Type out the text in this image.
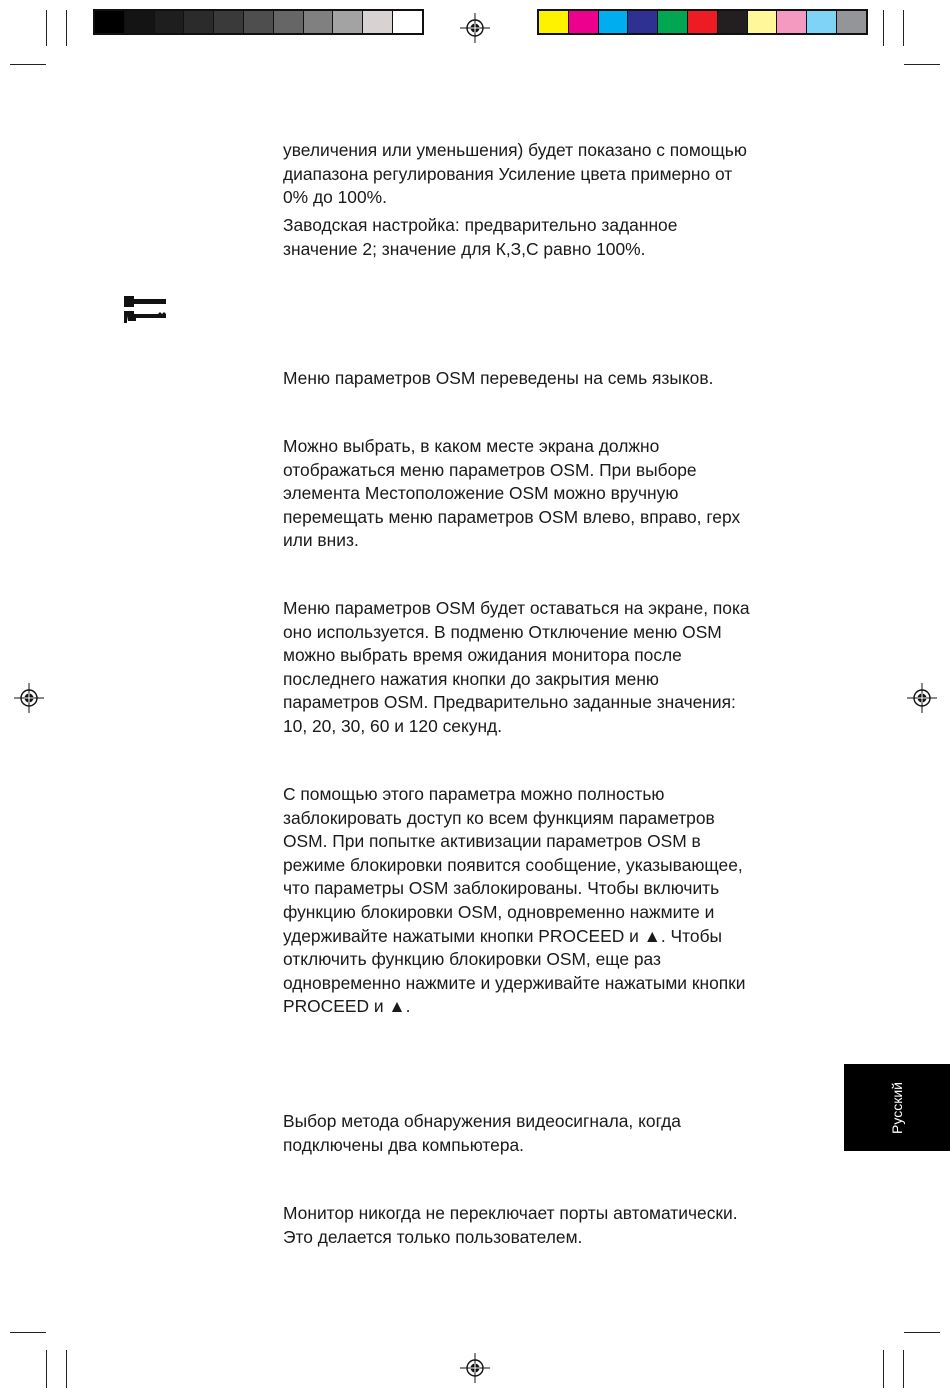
увеличения или уменьшения) будет показано с помощью
диапазона регулирования Усиление цвета примерно от
0% до 100%.

Заводская настройка: предварительно заданное
значение 2; значение для К,З,С равно 100%.

Меню параметров OSM переведены на семь языков.

Можно выбрать, в каком месте экрана должно
отображаться меню параметров OSM. При выборе
элемента Местоположение OSM можно вручную
перемещать меню параметров OSM влево, вправо, герх
или вниз.

Меню параметров OSM будет оставаться на экране, пока
оно используется. В подменю Отключение меню OSM
можно выбрать время ожидания монитора после
последнего нажатия кнопки до закрытия меню
параметров OSM. Предварительно заданные значения:
10, 20, 30, 60 и 120 секунд.

С помощью этого параметра можно полностью
заблокировать доступ ко всем функциям параметров
OSM. При попытке активизации параметров OSM в
режиме блокировки появится сообщение, указывающее,
что параметры OSM заблокированы. Чтобы включить
функцию блокировки OSM, одновременно нажмите и
удерживайте нажатыми кнопки PROCEED и ▲. Чтобы
отключить функцию блокировки OSM, еще раз
одновременно нажмите и удерживайте нажатыми кнопки
PROCEED и ▲.

Выбор метода обнаружения видеосигнала, когда
подключены два компьютера.

Монитор никогда не переключает порты автоматически.
Это делается только пользователем.

Русский
